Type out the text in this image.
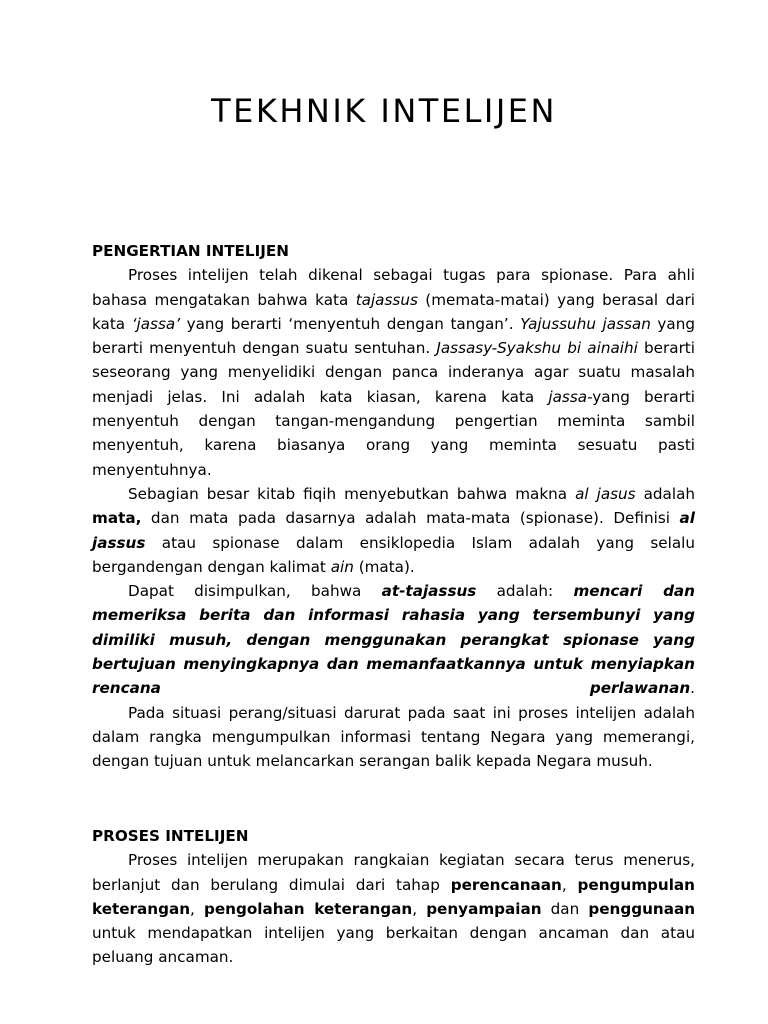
TEKHNIK INTELIJEN
PENGERTIAN INTELIJEN

Proses intelijen telah dikenal sebagai tugas para spionase. Para ahli bahasa mengatakan bahwa kata tajassus (memata-matai) yang berasal dari kata ‘jassa’ yang berarti ‘menyentuh dengan tangan’. Yajussuhu jassan yang berarti menyentuh dengan suatu sentuhan. Jassasy-Syakshu bi ainaihi berarti seseorang yang menyelidiki dengan panca inderanya agar suatu masalah menjadi jelas. Ini adalah kata kiasan, karena kata jassa-yang berarti menyentuh dengan tangan-mengandung pengertian meminta sambil menyentuh, karena biasanya orang yang meminta sesuatu pasti menyentuhnya.

Sebagian besar kitab fiqih menyebutkan bahwa makna al jasus adalah mata, dan mata pada dasarnya adalah mata-mata (spionase). Definisi al jassus atau spionase dalam ensiklopedia Islam adalah yang selalu bergandengan dengan kalimat ain (mata).

Dapat disimpulkan, bahwa at-tajassus adalah: mencari dan memeriksa berita dan informasi rahasia yang tersembunyi yang dimiliki musuh, dengan menggunakan perangkat spionase yang bertujuan menyingkapnya dan memanfaatkannya untuk menyiapkan rencana perlawanan.

Pada situasi perang/situasi darurat pada saat ini proses intelijen adalah dalam rangka mengumpulkan informasi tentang Negara yang memerangi, dengan tujuan untuk melancarkan serangan balik kepada Negara musuh.

PROSES INTELIJEN

Proses intelijen merupakan rangkaian kegiatan secara terus menerus, berlanjut dan berulang dimulai dari tahap perencanaan, pengumpulan keterangan, pengolahan keterangan, penyampaian dan penggunaan untuk mendapatkan intelijen yang berkaitan dengan ancaman dan atau peluang ancaman.
